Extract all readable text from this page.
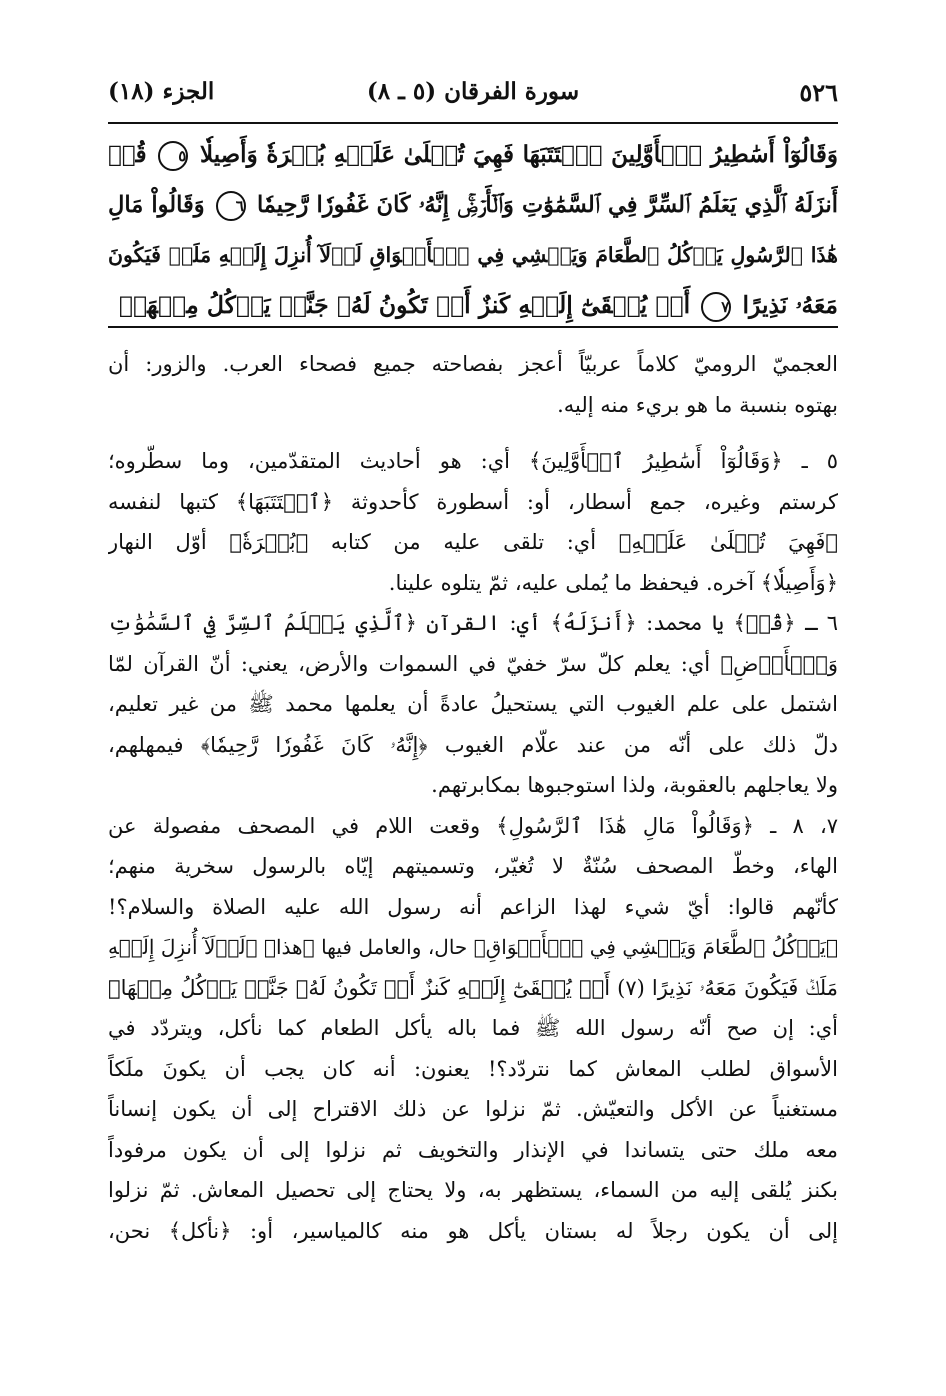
٥٢٦
سورة الفرقان (٥ ـ ٨)
الجزء (١٨)
وَقَالُوٓاْ أَسَٰطِيرُ ٱلۡأَوَّلِينَ ٱكۡتَتَبَهَا فَهِيَ تُمۡلَىٰ عَلَيۡهِ بُكۡرَةٗ وَأَصِيلٗا ٥ قُلۡ
أَنزَلَهُ ٱلَّذِي يَعۡلَمُ ٱلسِّرَّ فِي ٱلسَّمَٰوَٰتِ وَٱلۡأَرۡضِۚ إِنَّهُۥ كَانَ غَفُورٗا رَّحِيمٗا ٦ وَقَالُواْ مَالِ
هَٰذَا ٱلرَّسُولِ يَأۡكُلُ ٱلطَّعَامَ وَيَمۡشِي فِي ٱلۡأَسۡوَاقِ لَوۡلَآ أُنزِلَ إِلَيۡهِ مَلَكٞ فَيَكُونَ
مَعَهُۥ نَذِيرًا ٧ أَوۡ يُلۡقَىٰٓ إِلَيۡهِ كَنزٌ أَوۡ تَكُونُ لَهُۥ جَنَّةٞ يَأۡكُلُ مِنۡهَاۚ
العجميّ الروميّ كلاماً عربيّاً أعجز بفصاحته جميع فصحاء العرب. والزور: أن
بهتوه بنسبة ما هو بريء منه إليه.
٥ ـ ﴿وَقَالُوٓاْ أَسَٰطِيرُ ٱلۡأَوَّلِينَ﴾ أي: هو أحاديث المتقدّمين، وما سطّروه؛
كرستم وغيره، جمع أسطار، أو: أسطورة كأحدوثة ﴿ٱكۡتَتَبَهَا﴾ كتبها لنفسه
﴿فَهِيَ تُمۡلَىٰ عَلَيۡهِ﴾ أي: تلقى عليه من كتابه ﴿بُكۡرَةٗ﴾ أوّل النهار
﴿وَأَصِيلٗا﴾ آخره. فيحفظ ما يُملى عليه، ثمّ يتلوه علينا.
٦ ـ ﴿قُلۡ﴾ يا محمد: ﴿أَنزَلَهُ﴾ أي: القرآن ﴿ٱلَّذِي يَعۡلَمُ ٱلسِّرَّ فِي ٱلسَّمَٰوَٰتِ
وَٱلۡأَرۡضِ﴾ أي: يعلم كلّ سرّ خفيّ في السموات والأرض، يعني: أنّ القرآن لمّا
اشتمل على علم الغيوب التي يستحيلُ عادةً أن يعلمها محمد ﷺ من غير تعليم،
دلّ ذلك على أنّه من عند علّام الغيوب ﴿إِنَّهُۥ كَانَ غَفُورٗا رَّحِيمٗا﴾ فيمهلهم،
ولا يعاجلهم بالعقوبة، ولذا استوجبوها بمكابرتهم.
٧، ٨ ـ ﴿وَقَالُواْ مَالِ هَٰذَا ٱلرَّسُولِ﴾ وقعت اللام في المصحف مفصولة عن
الهاء، وخطّ المصحف سُنّةٌ لا تُغيّر، وتسميتهم إيّاه بالرسول سخرية منهم؛
كأنّهم قالوا: أيّ شيء لهذا الزاعم أنه رسول الله عليه الصلاة والسلام؟!
﴿يَأۡكُلُ ٱلطَّعَامَ وَيَمۡشِي فِي ٱلۡأَسۡوَاقِ﴾ حال، والعامل فيها ﴿هذا﴾ ﴿لَوۡلَآ أُنزِلَ إِلَيۡهِ
مَلَكٞ فَيَكُونَ مَعَهُۥ نَذِيرًا (٧) أَوۡ يُلۡقَىٰٓ إِلَيۡهِ كَنزٌ أَوۡ تَكُونُ لَهُۥ جَنَّةٞ يَأۡكُلُ مِنۡهَا﴾
أي: إن صح أنّه رسول الله ﷺ فما باله يأكل الطعام كما نأكل، ويتردّد في
الأسواق لطلب المعاش كما نتردّد؟! يعنون: أنه كان يجب أن يكونَ ملَكاً
مستغنياً عن الأكل والتعيّش. ثمّ نزلوا عن ذلك الاقتراح إلى أن يكون إنساناً
معه ملك حتى يتساندا في الإنذار والتخويف ثم نزلوا إلى أن يكون مرفوداً
بكنز يُلقى إليه من السماء، يستظهر به، ولا يحتاج إلى تحصيل المعاش. ثمّ نزلوا
إلى أن يكون رجلاً له بستان يأكل هو منه كالمياسير، أو: ﴿نأكل﴾ نحن،
